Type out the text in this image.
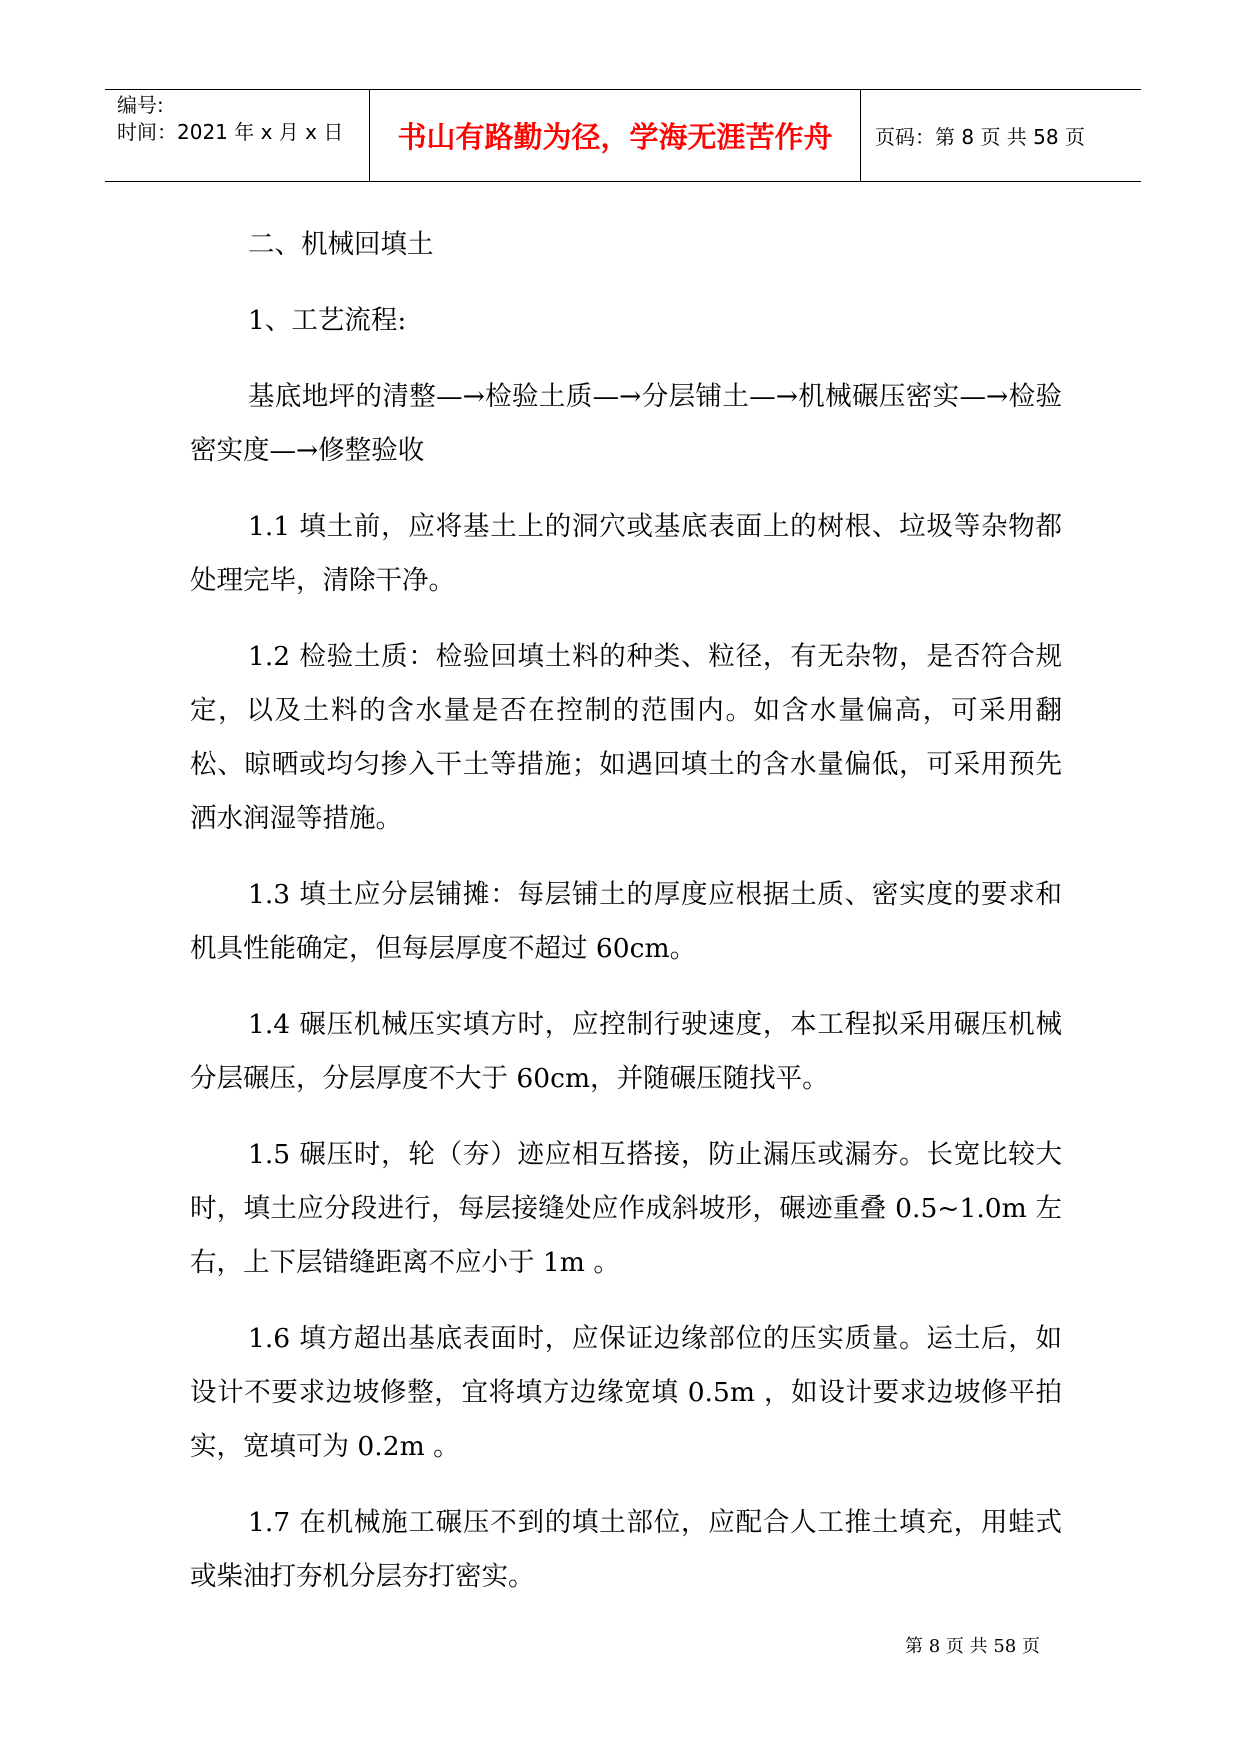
编号:
时间：2021 年 x 月 x 日	书山有路勤为径，学海无涯苦作舟	页码：第 8 页 共 58 页

二、机械回填土

1、工艺流程:

基底地坪的清整—→检验土质—→分层铺土—→机械碾压密实—→检验密实度—→修整验收

1.1 填土前，应将基土上的洞穴或基底表面上的树根、垃圾等杂物都处理完毕，清除干净。

1.2 检验土质：检验回填土料的种类、粒径，有无杂物，是否符合规定，以及土料的含水量是否在控制的范围内。如含水量偏高，可采用翻松、晾晒或均匀掺入干土等措施；如遇回填土的含水量偏低，可采用预先洒水润湿等措施。

1.3 填土应分层铺摊：每层铺土的厚度应根据土质、密实度的要求和机具性能确定，但每层厚度不超过 60cm。

1.4 碾压机械压实填方时，应控制行驶速度，本工程拟采用碾压机械分层碾压，分层厚度不大于 60cm，并随碾压随找平。

1.5 碾压时，轮（夯）迹应相互搭接，防止漏压或漏夯。长宽比较大时，填土应分段进行，每层接缝处应作成斜坡形，碾迹重叠 0.5~1.0m 左右，上下层错缝距离不应小于 1m 。

1.6 填方超出基底表面时，应保证边缘部位的压实质量。运土后，如设计不要求边坡修整，宜将填方边缘宽填 0.5m ，如设计要求边坡修平拍实，宽填可为 0.2m 。

1.7 在机械施工碾压不到的填土部位，应配合人工推土填充，用蛙式或柴油打夯机分层夯打密实。

第 8 页 共 58 页
